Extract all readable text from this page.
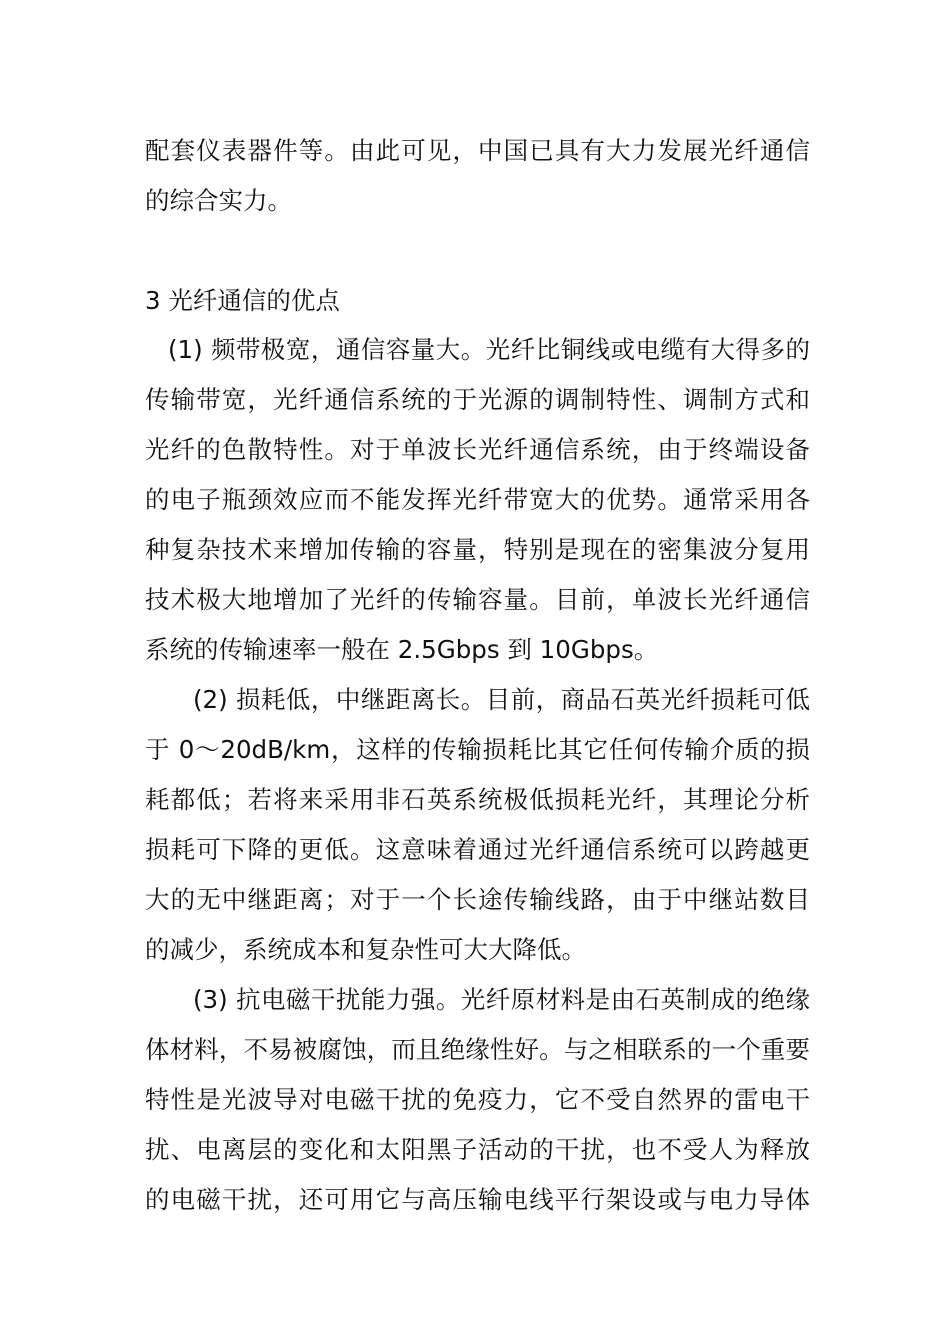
配套仪表器件等。由此可见，中国已具有大力发展光纤通信
的综合实力。
3 光纤通信的优点
(1) 频带极宽，通信容量大。光纤比铜线或电缆有大得多的
传输带宽，光纤通信系统的于光源的调制特性、调制方式和
光纤的色散特性。对于单波长光纤通信系统，由于终端设备
的电子瓶颈效应而不能发挥光纤带宽大的优势。通常采用各
种复杂技术来增加传输的容量，特别是现在的密集波分复用
技术极大地增加了光纤的传输容量。目前，单波长光纤通信
系统的传输速率一般在 2.5Gbps 到 10Gbps。
(2) 损耗低，中继距离长。目前，商品石英光纤损耗可低
于 0～20dB/km，这样的传输损耗比其它任何传输介质的损
耗都低；若将来采用非石英系统极低损耗光纤，其理论分析
损耗可下降的更低。这意味着通过光纤通信系统可以跨越更
大的无中继距离；对于一个长途传输线路，由于中继站数目
的减少，系统成本和复杂性可大大降低。
(3) 抗电磁干扰能力强。光纤原材料是由石英制成的绝缘
体材料，不易被腐蚀，而且绝缘性好。与之相联系的一个重要
特性是光波导对电磁干扰的免疫力，它不受自然界的雷电干
扰、电离层的变化和太阳黑子活动的干扰，也不受人为释放
的电磁干扰，还可用它与高压输电线平行架设或与电力导体
